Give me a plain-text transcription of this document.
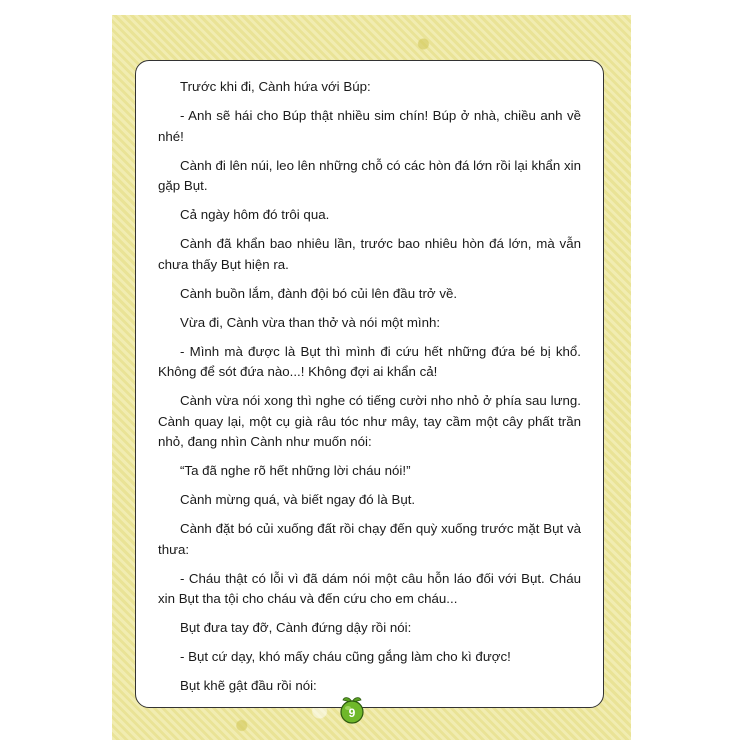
Trước khi đi, Cành hứa với Búp:

- Anh sẽ hái cho Búp thật nhiều sim chín! Búp ở nhà, chiều anh về nhé!

Cành đi lên núi, leo lên những chỗ có các hòn đá lớn rồi lại khẩn xin gặp Bụt.

Cả ngày hôm đó trôi qua.

Cành đã khẩn bao nhiêu lần, trước bao nhiêu hòn đá lớn, mà vẫn chưa thấy Bụt hiện ra.

Cành buồn lắm, đành đội bó củi lên đầu trở về.

Vừa đi, Cành vừa than thở và nói một mình:

- Mình mà được là Bụt thì mình đi cứu hết những đứa bé bị khổ. Không để sót đứa nào...! Không đợi ai khẩn cả!

Cành vừa nói xong thì nghe có tiếng cười nho nhỏ ở phía sau lưng. Cành quay lại, một cụ già râu tóc như mây, tay cầm một cây phất trần nhỏ, đang nhìn Cành như muốn nói:

“Ta đã nghe rõ hết những lời cháu nói!”

Cành mừng quá, và biết ngay đó là Bụt.

Cành đặt bó củi xuống đất rồi chạy đến quỳ xuống trước mặt Bụt và thưa:

- Cháu thật có lỗi vì đã dám nói một câu hỗn láo đối với Bụt. Cháu xin Bụt tha tội cho cháu và đến cứu cho em cháu...

Bụt đưa tay đỡ, Cành đứng dậy rồi nói:

- Bụt cứ dạy, khó mấy cháu cũng gắng làm cho kì được!

Bụt khẽ gật đầu rồi nói:

9
